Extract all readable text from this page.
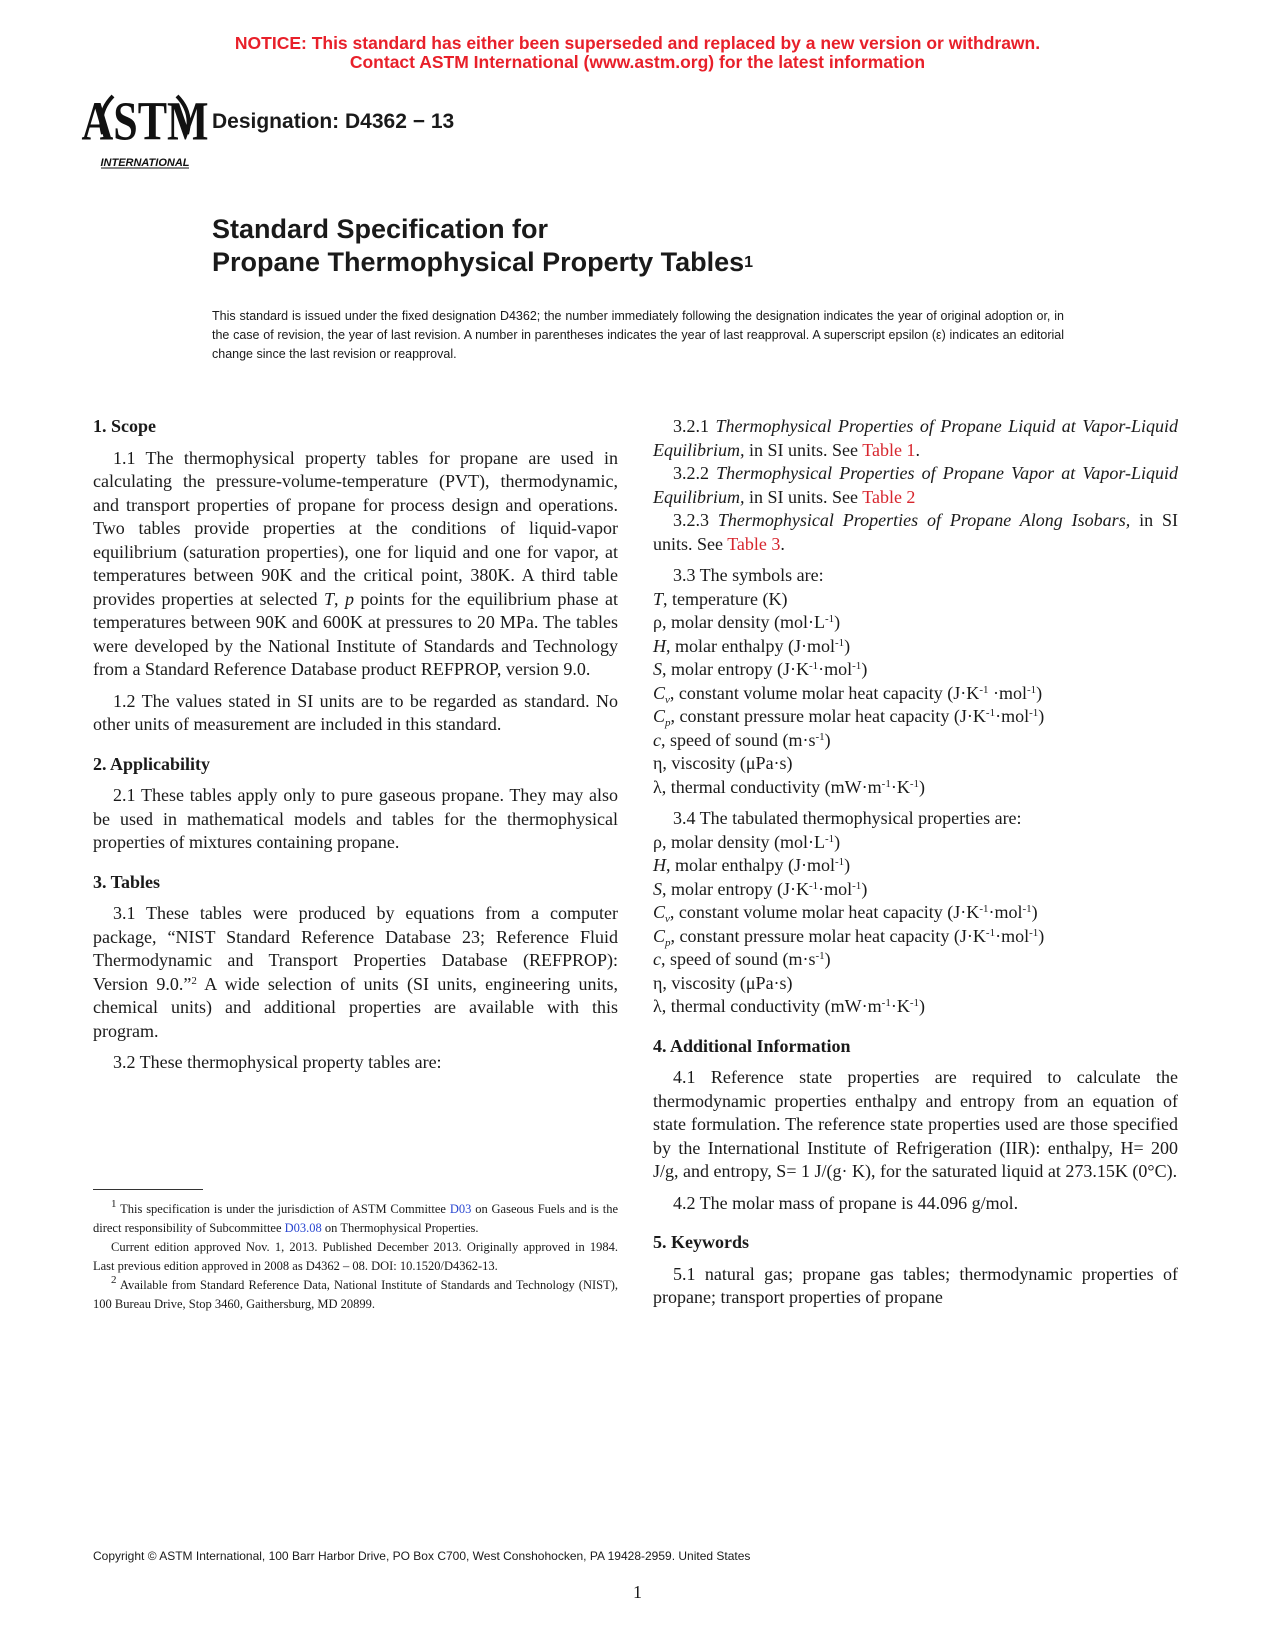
NOTICE: This standard has either been superseded and replaced by a new version or withdrawn.
Contact ASTM International (www.astm.org) for the latest information
ASTM
INTERNATIONAL
Designation: D4362 − 13
Standard Specification for
Propane Thermophysical Property Tables$^1$
This standard is issued under the fixed designation D4362; the number immediately following the designation indicates the year of original adoption or, in the case of revision, the year of last revision. A number in parentheses indicates the year of last reapproval. A superscript epsilon (ε) indicates an editorial change since the last revision or reapproval.
1. Scope
1.1 The thermophysical property tables for propane are used in calculating the pressure-volume-temperature (PVT), thermodynamic, and transport properties of propane for process design and operations. Two tables provide properties at the conditions of liquid-vapor equilibrium (saturation properties), one for liquid and one for vapor, at temperatures between 90K and the critical point, 380K. A third table provides properties at selected T, p points for the equilibrium phase at temperatures between 90K and 600K at pressures to 20 MPa. The tables were developed by the National Institute of Standards and Technology from a Standard Reference Database product REFPROP, version 9.0.
1.2 The values stated in SI units are to be regarded as standard. No other units of measurement are included in this standard.
2. Applicability
2.1 These tables apply only to pure gaseous propane. They may also be used in mathematical models and tables for the thermophysical properties of mixtures containing propane.
3. Tables
3.1 These tables were produced by equations from a computer package, “NIST Standard Reference Database 23; Reference Fluid Thermodynamic and Transport Properties Database (REFPROP): Version 9.0.”$^2$ A wide selection of units (SI units, engineering units, chemical units) and additional properties are available with this program.
3.2 These thermophysical property tables are:

$^1$ This specification is under the jurisdiction of ASTM Committee D03 on Gaseous Fuels and is the direct responsibility of Subcommittee D03.08 on Thermophysical Properties.

Current edition approved Nov. 1, 2013. Published December 2013. Originally approved in 1984. Last previous edition approved in 2008 as D4362 – 08. DOI: 10.1520/D4362-13.

$^2$ Available from Standard Reference Data, National Institute of Standards and Technology (NIST), 100 Bureau Drive, Stop 3460, Gaithersburg, MD 20899.

3.2.1 Thermophysical Properties of Propane Liquid at Vapor-Liquid Equilibrium, in SI units. See Table 1.
3.2.2 Thermophysical Properties of Propane Vapor at Vapor-Liquid Equilibrium, in SI units. See Table 2
3.2.3 Thermophysical Properties of Propane Along Isobars, in SI units. See Table 3.
3.3 The symbols are:
T, temperature (K)
ρ, molar density $(mol\cdot L^{-1})$
H, molar enthalpy (J·mol$^{-1}$)
S, molar entropy $(J\cdot K^{-1}\cdot mol^{-1})$
$C_v$, constant volume molar heat capacity $(J\cdot K^{-1} \cdot mol^{-1})$
$C_p$, constant pressure molar heat capacity $(J\cdot K^{-1}\cdot mol^{-1})$
c, speed of sound $(m\cdot s^{-1})$
η, viscosity (μPa·s)
λ, thermal conductivity $(mW\cdot m^{-1}\cdot K^{-1})$
3.4 The tabulated thermophysical properties are:
ρ, molar density $(mol\cdot L^{-1})$
H, molar enthalpy (J·mol$^{-1}$)
S, molar entropy $(J\cdot K^{-1}\cdot mol^{-1})$
$C_v$, constant volume molar heat capacity $(J\cdot K^{-1}\cdot mol^{-1})$
$C_p$, constant pressure molar heat capacity $(J\cdot K^{-1}\cdot mol^{-1})$
c, speed of sound $(m\cdot s^{-1})$
η, viscosity (μPa·s)
λ, thermal conductivity $(mW\cdot m^{-1}\cdot K^{-1})$
4. Additional Information
4.1 Reference state properties are required to calculate the thermodynamic properties enthalpy and entropy from an equation of state formulation. The reference state properties used are those specified by the International Institute of Refrigeration (IIR): enthalpy, H= 200 J/g, and entropy, S= 1 J/(g· K), for the saturated liquid at 273.15K (0°C).
4.2 The molar mass of propane is 44.096 g/mol.
5. Keywords
5.1 natural gas; propane gas tables; thermodynamic properties of propane; transport properties of propane
Copyright © ASTM International, 100 Barr Harbor Drive, PO Box C700, West Conshohocken, PA 19428-2959. United States
1
